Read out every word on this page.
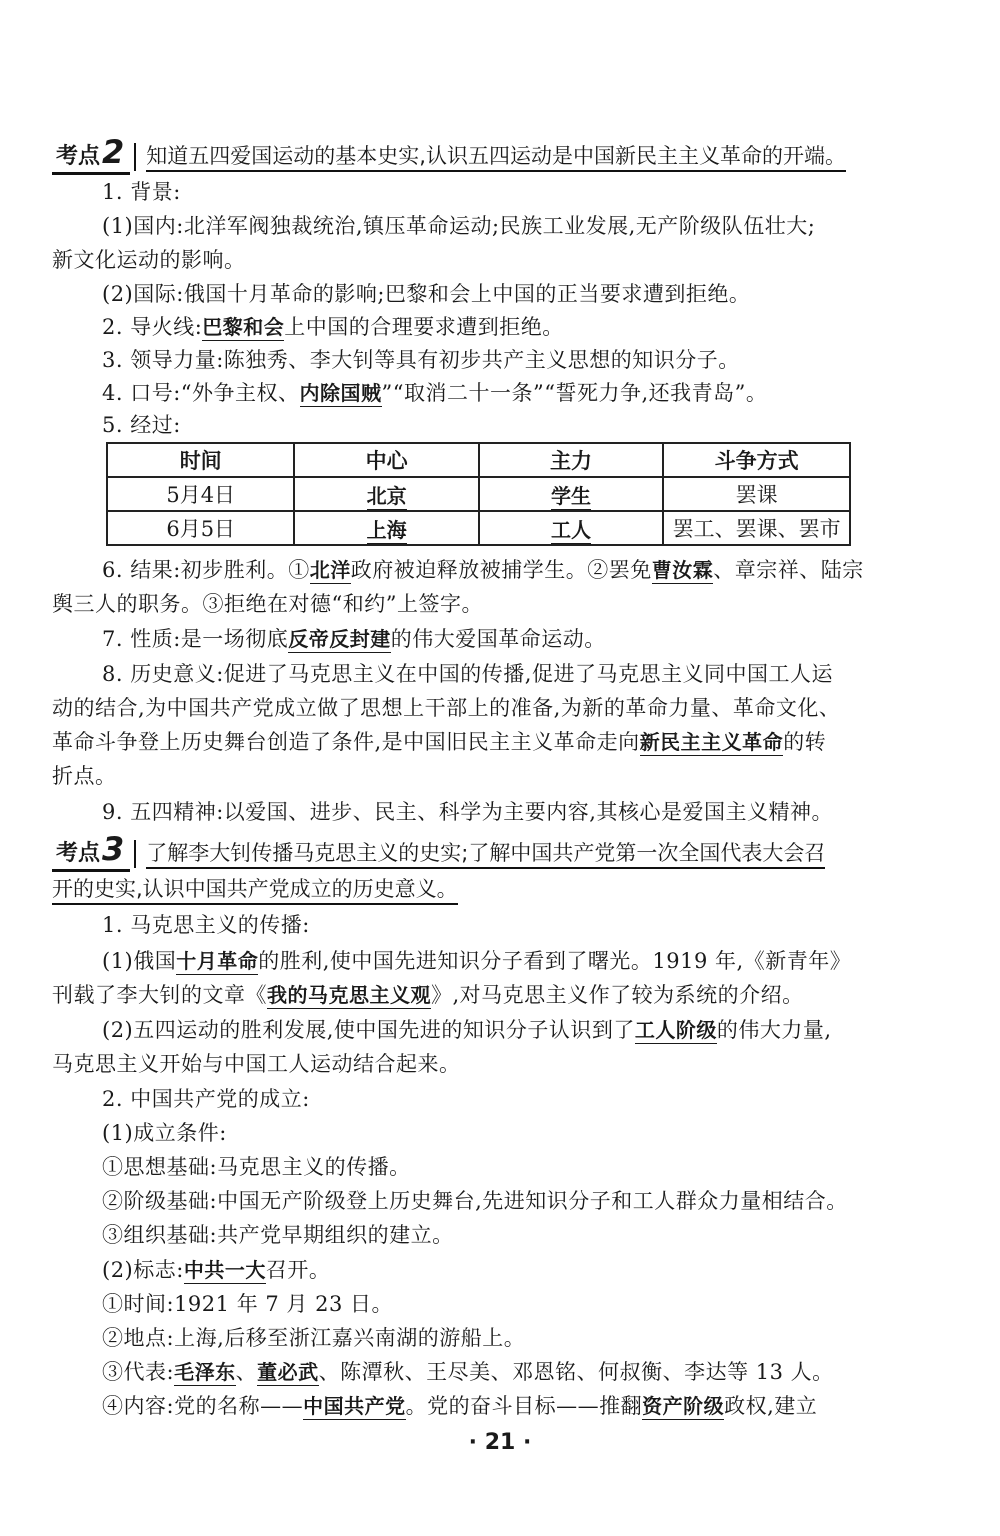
考点2 知道五四爱国运动的基本史实,认识五四运动是中国新民主主义革命的开端。
1. 背景:
(1)国内:北洋军阀独裁统治,镇压革命运动;民族工业发展,无产阶级队伍壮大;
新文化运动的影响。
(2)国际:俄国十月革命的影响;巴黎和会上中国的正当要求遭到拒绝。
2. 导火线:巴黎和会上中国的合理要求遭到拒绝。
3. 领导力量:陈独秀、李大钊等具有初步共产主义思想的知识分子。
4. 口号:“外争主权、内除国贼”“取消二十一条”“誓死力争,还我青岛”。
5. 经过:
时间	中心	主力	斗争方式
5月4日	北京	学生	罢课
6月5日	上海	工人	罢工、罢课、罢市
6. 结果:初步胜利。①北洋政府被迫释放被捕学生。②罢免曹汝霖、章宗祥、陆宗
舆三人的职务。③拒绝在对德“和约”上签字。
7. 性质:是一场彻底反帝反封建的伟大爱国革命运动。
8. 历史意义:促进了马克思主义在中国的传播,促进了马克思主义同中国工人运
动的结合,为中国共产党成立做了思想上干部上的准备,为新的革命力量、革命文化、
革命斗争登上历史舞台创造了条件,是中国旧民主主义革命走向新民主主义革命的转
折点。
9. 五四精神:以爱国、进步、民主、科学为主要内容,其核心是爱国主义精神。
考点3 了解李大钊传播马克思主义的史实;了解中国共产党第一次全国代表大会召
开的史实,认识中国共产党成立的历史意义。
1. 马克思主义的传播:
(1)俄国十月革命的胜利,使中国先进知识分子看到了曙光。1919 年,《新青年》
刊载了李大钊的文章《我的马克思主义观》,对马克思主义作了较为系统的介绍。
(2)五四运动的胜利发展,使中国先进的知识分子认识到了工人阶级的伟大力量,
马克思主义开始与中国工人运动结合起来。
2. 中国共产党的成立:
(1)成立条件:
①思想基础:马克思主义的传播。
②阶级基础:中国无产阶级登上历史舞台,先进知识分子和工人群众力量相结合。
③组织基础:共产党早期组织的建立。
(2)标志:中共一大召开。
①时间:1921 年 7 月 23 日。
②地点:上海,后移至浙江嘉兴南湖的游船上。
③代表:毛泽东、董必武、陈潭秋、王尽美、邓恩铭、何叔衡、李达等 13 人。
④内容:党的名称——中国共产党。党的奋斗目标——推翻资产阶级政权,建立
· 21 ·
